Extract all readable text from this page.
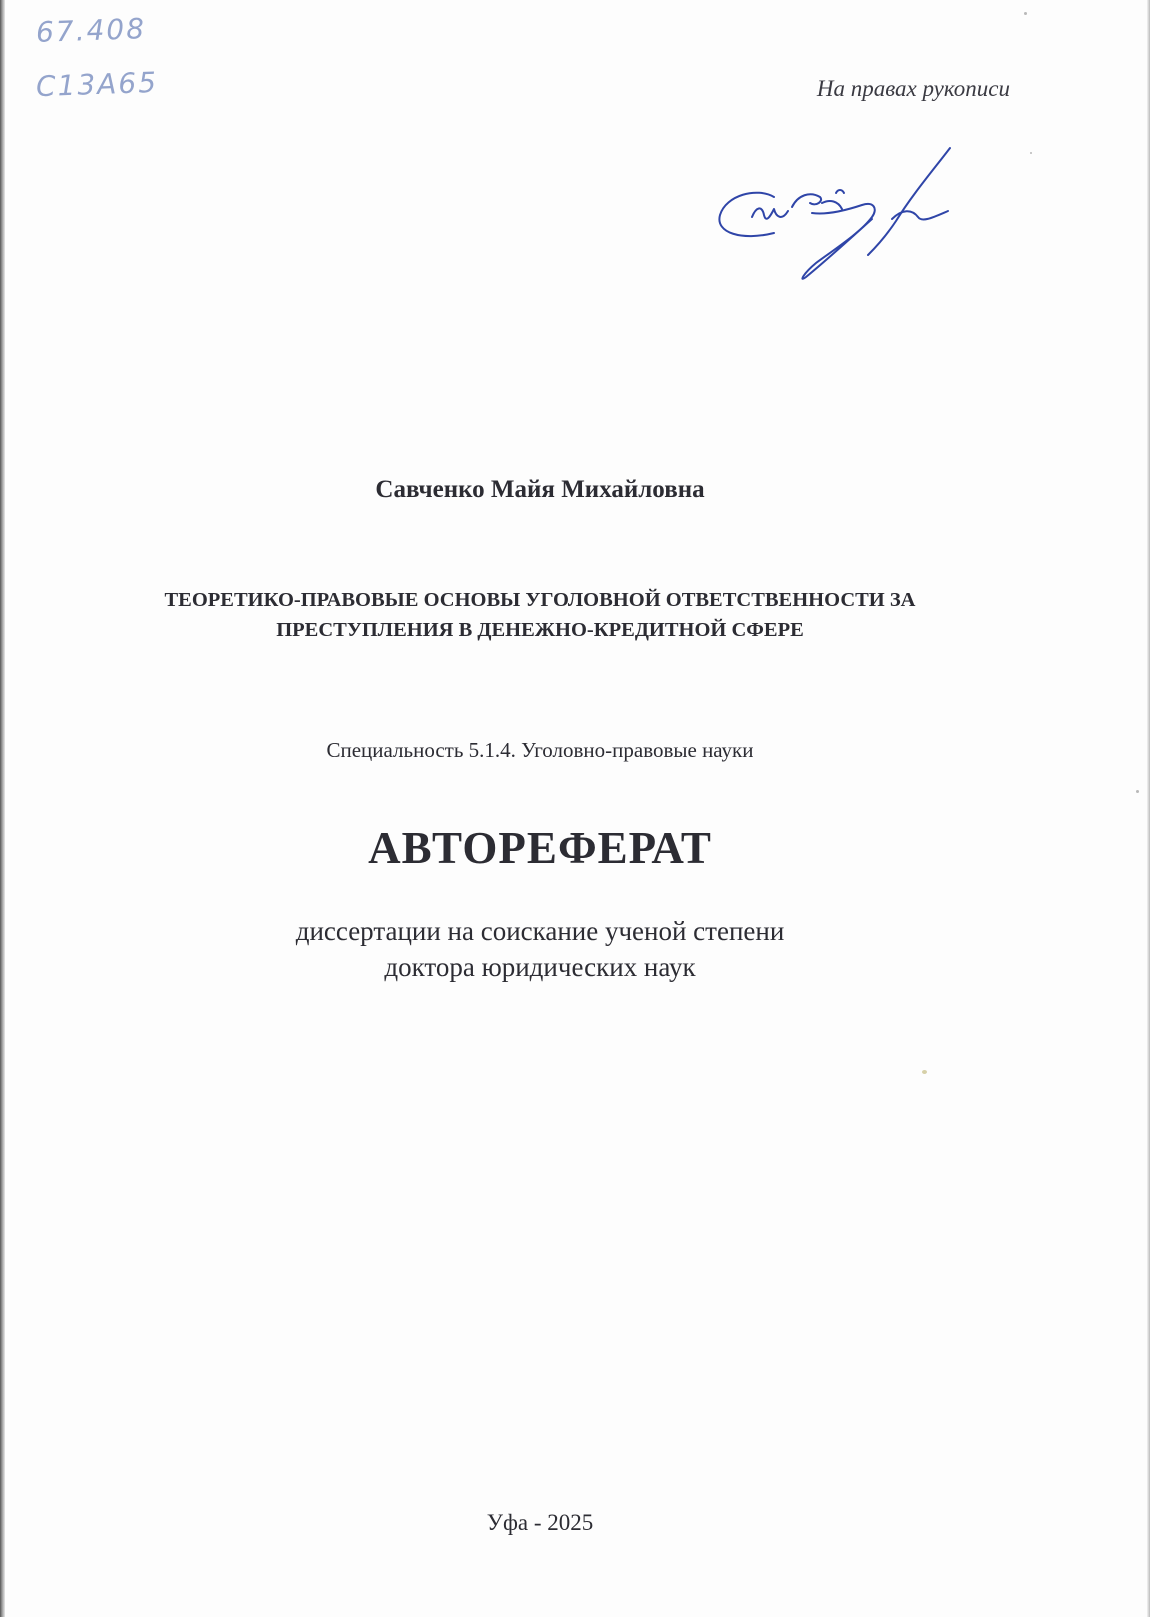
67.408
С13А65	На правах рукописи
Савченко Майя Михайловна
ТЕОРЕТИКО-ПРАВОВЫЕ ОСНОВЫ УГОЛОВНОЙ ОТВЕТСТВЕННОСТИ ЗА
ПРЕСТУПЛЕНИЯ В ДЕНЕЖНО-КРЕДИТНОЙ СФЕРЕ
Специальность 5.1.4. Уголовно-правовые науки
АВТОРЕФЕРАТ
диссертации на соискание ученой степени
доктора юридических наук
Уфа - 2025
